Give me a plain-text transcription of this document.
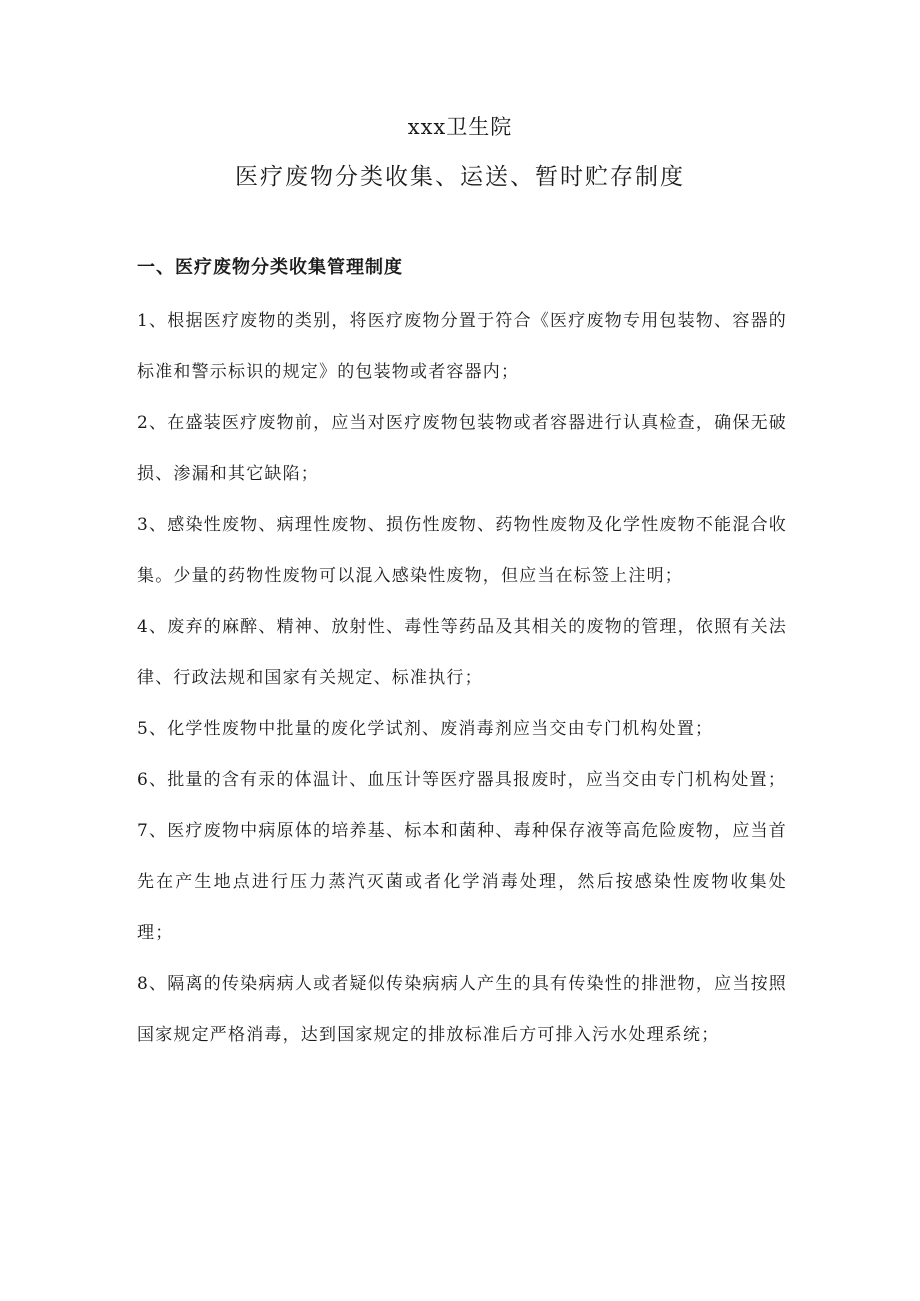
xxx卫生院
医疗废物分类收集、运送、暂时贮存制度
一、医疗废物分类收集管理制度

1、根据医疗废物的类别，将医疗废物分置于符合《医疗废物专用包装物、容器的标准和警示标识的规定》的包装物或者容器内；

2、在盛装医疗废物前，应当对医疗废物包装物或者容器进行认真检查，确保无破损、渗漏和其它缺陷；

3、感染性废物、病理性废物、损伤性废物、药物性废物及化学性废物不能混合收集。少量的药物性废物可以混入感染性废物，但应当在标签上注明；

4、废弃的麻醉、精神、放射性、毒性等药品及其相关的废物的管理，依照有关法律、行政法规和国家有关规定、标准执行；

5、化学性废物中批量的废化学试剂、废消毒剂应当交由专门机构处置；

6、批量的含有汞的体温计、血压计等医疗器具报废时，应当交由专门机构处置；

7、医疗废物中病原体的培养基、标本和菌种、毒种保存液等高危险废物，应当首先在产生地点进行压力蒸汽灭菌或者化学消毒处理，然后按感染性废物收集处理；

8、隔离的传染病病人或者疑似传染病病人产生的具有传染性的排泄物，应当按照国家规定严格消毒，达到国家规定的排放标准后方可排入污水处理系统；
